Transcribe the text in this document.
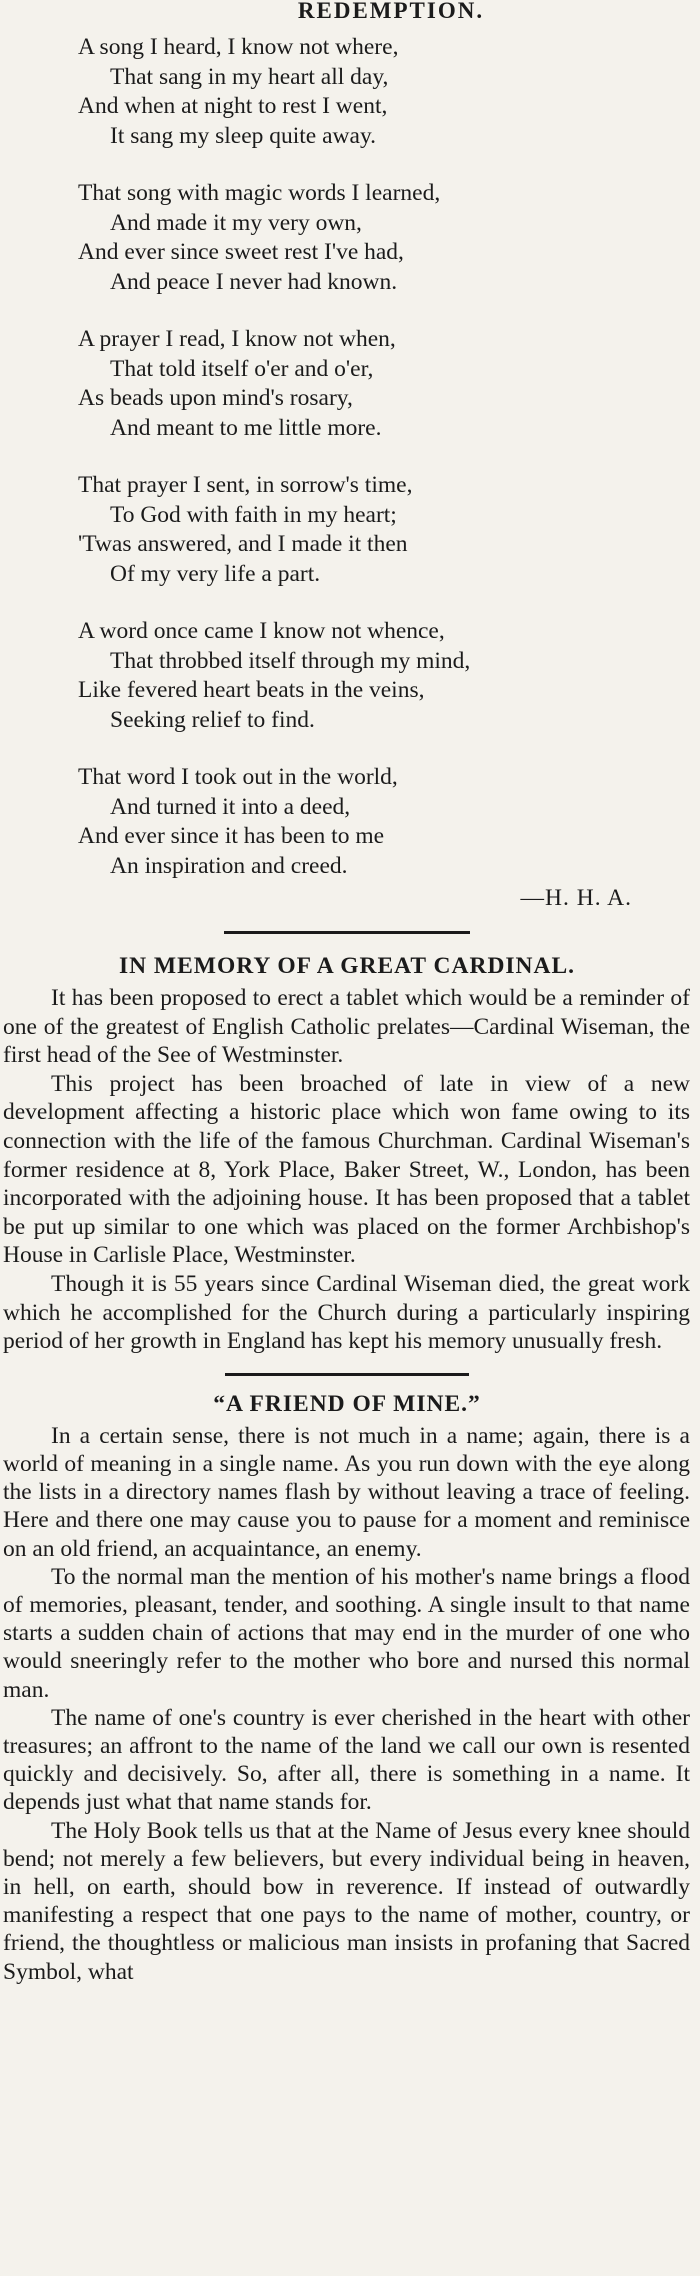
REDEMPTION.
A song I heard, I know not where,
That sang in my heart all day,
And when at night to rest I went,
It sang my sleep quite away.
That song with magic words I learned,
And made it my very own,
And ever since sweet rest I've had,
And peace I never had known.
A prayer I read, I know not when,
That told itself o'er and o'er,
As beads upon mind's rosary,
And meant to me little more.
That prayer I sent, in sorrow's time,
To God with faith in my heart;
'Twas answered, and I made it then
Of my very life a part.
A word once came I know not whence,
That throbbed itself through my mind,
Like fevered heart beats in the veins,
Seeking relief to find.
That word I took out in the world,
And turned it into a deed,
And ever since it has been to me
An inspiration and creed.
—H. H. A.
IN MEMORY OF A GREAT CARDINAL.

It has been proposed to erect a tablet which would be a reminder of one of the greatest of English Catholic prelates—Cardinal Wiseman, the first head of the See of Westminster.

This project has been broached of late in view of a new development affecting a historic place which won fame owing to its connection with the life of the famous Churchman. Cardinal Wiseman's former residence at 8, York Place, Baker Street, W., London, has been incorporated with the adjoining house. It has been proposed that a tablet be put up similar to one which was placed on the former Archbishop's House in Carlisle Place, Westminster.

Though it is 55 years since Cardinal Wiseman died, the great work which he accomplished for the Church during a particularly inspiring period of her growth in England has kept his memory unusually fresh.

“A FRIEND OF MINE.”

In a certain sense, there is not much in a name; again, there is a world of meaning in a single name. As you run down with the eye along the lists in a directory names flash by without leaving a trace of feeling. Here and there one may cause you to pause for a moment and reminisce on an old friend, an acquaintance, an enemy.

To the normal man the mention of his mother's name brings a flood of memories, pleasant, tender, and soothing. A single insult to that name starts a sudden chain of actions that may end in the murder of one who would sneeringly refer to the mother who bore and nursed this normal man.

The name of one's country is ever cherished in the heart with other treasures; an affront to the name of the land we call our own is resented quickly and decisively. So, after all, there is something in a name. It depends just what that name stands for.

The Holy Book tells us that at the Name of Jesus every knee should bend; not merely a few believers, but every individual being in heaven, in hell, on earth, should bow in reverence. If instead of outwardly manifesting a respect that one pays to the name of mother, country, or friend, the thoughtless or malicious man insists in profaning that Sacred Symbol, what
